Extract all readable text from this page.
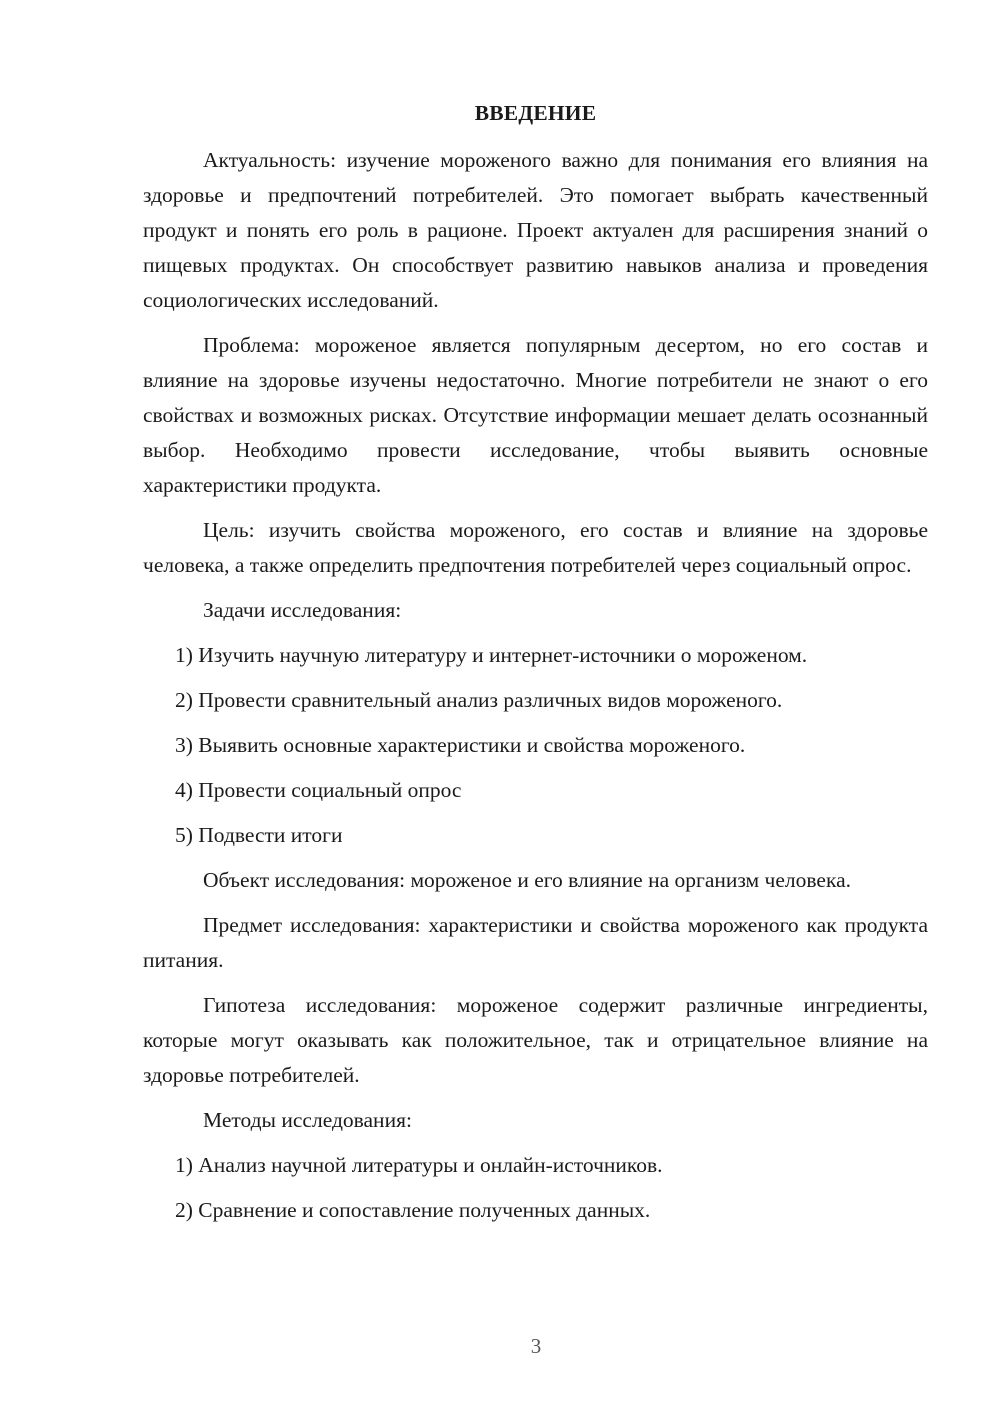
ВВЕДЕНИЕ

Актуальность: изучение мороженого важно для понимания его влияния на здоровье и предпочтений потребителей. Это помогает выбрать качественный продукт и понять его роль в рационе. Проект актуален для расширения знаний о пищевых продуктах. Он способствует развитию навыков анализа и проведения социологических исследований.

Проблема: мороженое является популярным десертом, но его состав и влияние на здоровье изучены недостаточно. Многие потребители не знают о его свойствах и возможных рисках. Отсутствие информации мешает делать осознанный выбор. Необходимо провести исследование, чтобы выявить основные характеристики продукта.

Цель: изучить свойства мороженого, его состав и влияние на здоровье человека, а также определить предпочтения потребителей через социальный опрос.

Задачи исследования:

1) Изучить научную литературу и интернет-источники о мороженом.
2) Провести сравнительный анализ различных видов мороженого.
3) Выявить основные характеристики и свойства мороженого.
4) Провести социальный опрос
5) Подвести итоги

Объект исследования: мороженое и его влияние на организм человека.

Предмет исследования: характеристики и свойства мороженого как продукта питания.

Гипотеза исследования: мороженое содержит различные ингредиенты, которые могут оказывать как положительное, так и отрицательное влияние на здоровье потребителей.

Методы исследования:

1) Анализ научной литературы и онлайн-источников.
2) Сравнение и сопоставление полученных данных.
3
